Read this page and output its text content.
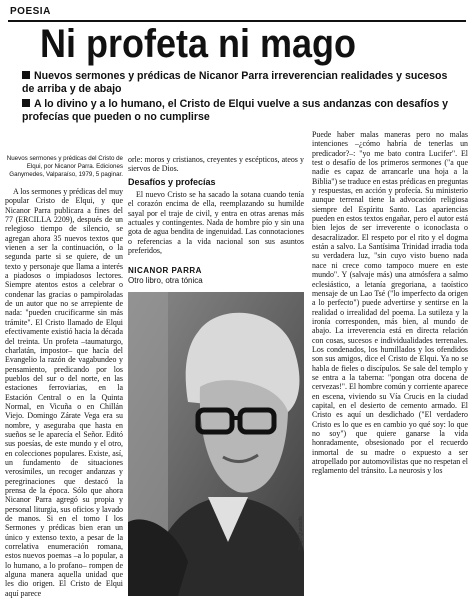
POESIA
Ni profeta ni mago
Nuevos sermones y prédicas de Nicanor Parra irreverencian realidades y sucesos de arriba y de abajo
A lo divino y a lo humano, el Cristo de Elqui vuelve a sus andanzas con desafíos y profecías que pueden o no cumplirse

Nuevos sermones y prédicas del Cristo de Elqui, por Nicanor Parra. Ediciones Ganymedes, Valparaíso, 1979, 5 paginar.

A los sermones y prédicas del muy popular Cristo de Elqui, y que Nicanor Parra publicara a fines del 77 (ERCILLA 2209), después de un relegioso tiempo de silencio, se agregan ahora 35 nuevos textos que vienen a ser la continuación, o la segunda parte si se quiere, de un texto y personaje que llama a interés a piadosos o impiadosos lectores. Siempre atentos estos a celebrar o condenar las gracias o pampiroladas de un autor que no se arrepiente de nada: "pueden crucificarme sin más trámite". El Cristo llamado de Elqui efectivamente existió hacia la década del treinta. Un profeta –taumaturgo, charlatán, impostor– que hacía del Evangelio la razón de vagabundeo y pensamiento, predicando por los pueblos del sur o del norte, en las estaciones ferroviarias, en la Estación Central o en la Quinta Normal, en Vicuña o en Chillán Viejo. Domingo Zárate Vega era su nombre, y aseguraba que hasta en sueños se le aparecía el Señor. Editó sus poesías, de este mundo y el otro, en colecciones populares. Existe, así, un fundamento de situaciones verosímiles, un recoger andanzas y peregrinaciones que destacó la prensa de la época. Sólo que ahora Nicanor Parra agregó su propia y personal liturgia, sus oficios y lavado de manos. Si en el tomo I los Sermones y prédicas bien eran un único y extenso texto, a pesar de la correlativa enumeración romana, estos nuevos poemas –a lo popular, a lo humano, a lo profano– rompen de alguna manera aquella unidad que les dio origen. El Cristo de Elqui aquí parece

orle: moros y cristianos, creyentes y escépticos, ateos y siervos de Dios.

Desafíos y profecías

El nuevo Cristo se ha sacado la sotana cuando tenía el corazón encima de ella, reemplazando su humilde sayal por el traje de civil, y entra en otras arenas más actuales y contingentes. Nada de hombre pío y sin una gota de agua bendita de ingenuidad. Las connotaciones o referencias a la vida nacional son sus asuntos preferidos,

NICANOR PARRA
Otro libro, otra tónica
Hugo Quezada

Puede haber malas maneras pero no malas intenciones –¿cómo habría de tenerlas un predicador?–: "yo me bato contra Lucifer". El test o desafío de los primeros sermones ("a que nadie es capaz de arrancarle una hoja a la Biblia") se traduce en estas prédicas en preguntas y respuestas, en acción y profecía. Su ministerio aunque terrenal tiene la advocación religiosa siempre del Espíritu Santo. Las apariencias pueden en estos textos engañar, pero el autor está bien lejos de ser irreverente o iconoclasta o desacralizador. El respeto por el rito y el dogma están a salvo. La Santísima Trinidad irradia toda su verdadera luz, "sin cuyo visto bueno nada nace ni crece como tampoco muere en este mundo". Y (salvaje más) una atmósfera a salmo eclesiástico, a letanía gregoriana, a taoístico mensaje de un Lao Tsé ("lo imperfecto da origen a lo perfecto") puede advertirse y sentirse en la realidad o irrealidad del poema. La sutileza y la ironía corresponden, más bien, al mundo de abajo. La irreverencia está en directa relación con cosas, sucesos e individualidades terrenales. Los condenados, los humillados y los ofendidos son sus amigos, dice el Cristo de Elqui. Ya no se habla de fieles o discípulos. Se sale del templo y se entra a la taberna: "pongan otra docena de cervezas!". El hombre común y corriente aparece en escena, viviendo su Vía Crucis en la ciudad capital, en el desierto de cemento armado. El Cristo es aquí un desdichado ("El verdadero Cristo es lo que es en cambio yo qué soy: lo que no soy") que quiere ganarse la vida honradamente, obsesionado por el recuerdo inmortal de su madre o expuesto a ser atropellado por automovilistas que no respetan el reglamento del tránsito. La neurosis y los
